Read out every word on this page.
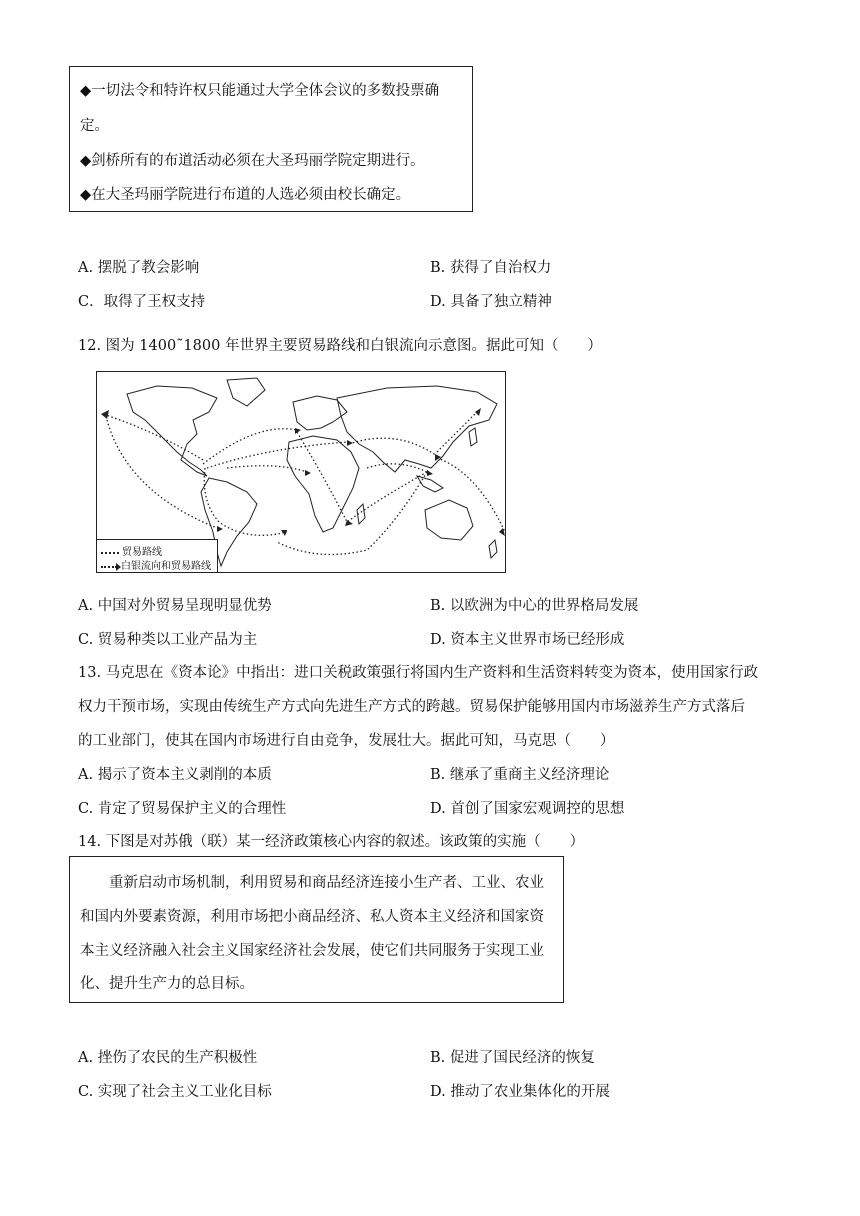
◆一切法令和特许权只能通过大学全体会议的多数投票确
定。
◆剑桥所有的布道活动必须在大圣玛丽学院定期进行。
◆在大圣玛丽学院进行布道的人选必须由校长确定。
A. 摆脱了教会影响	B. 获得了自治权力
C．取得了王权支持	D. 具备了独立精神
12. 图为 1400˜1800 年世界主要贸易路线和白银流向示意图。据此可知（　　）
贸易路线
白银流向和贸易路线
A. 中国对外贸易呈现明显优势	B. 以欧洲为中心的世界格局发展
C. 贸易种类以工业产品为主	D. 资本主义世界市场已经形成
13. 马克思在《资本论》中指出：进口关税政策强行将国内生产资料和生活资料转变为资本，使用国家行政
权力干预市场，实现由传统生产方式向先进生产方式的跨越。贸易保护能够用国内市场滋养生产方式落后
的工业部门，使其在国内市场进行自由竞争，发展壮大。据此可知，马克思（　　）
A. 揭示了资本主义剥削的本质	B. 继承了重商主义经济理论
C. 肯定了贸易保护主义的合理性	D. 首创了国家宏观调控的思想
14. 下图是对苏俄（联）某一经济政策核心内容的叙述。该政策的实施（　　）
　　重新启动市场机制，利用贸易和商品经济连接小生产者、工业、农业
和国内外要素资源，利用市场把小商品经济、私人资本主义经济和国家资
本主义经济融入社会主义国家经济社会发展，使它们共同服务于实现工业
化、提升生产力的总目标。
A. 挫伤了农民的生产积极性	B. 促进了国民经济的恢复
C. 实现了社会主义工业化目标	D. 推动了农业集体化的开展
